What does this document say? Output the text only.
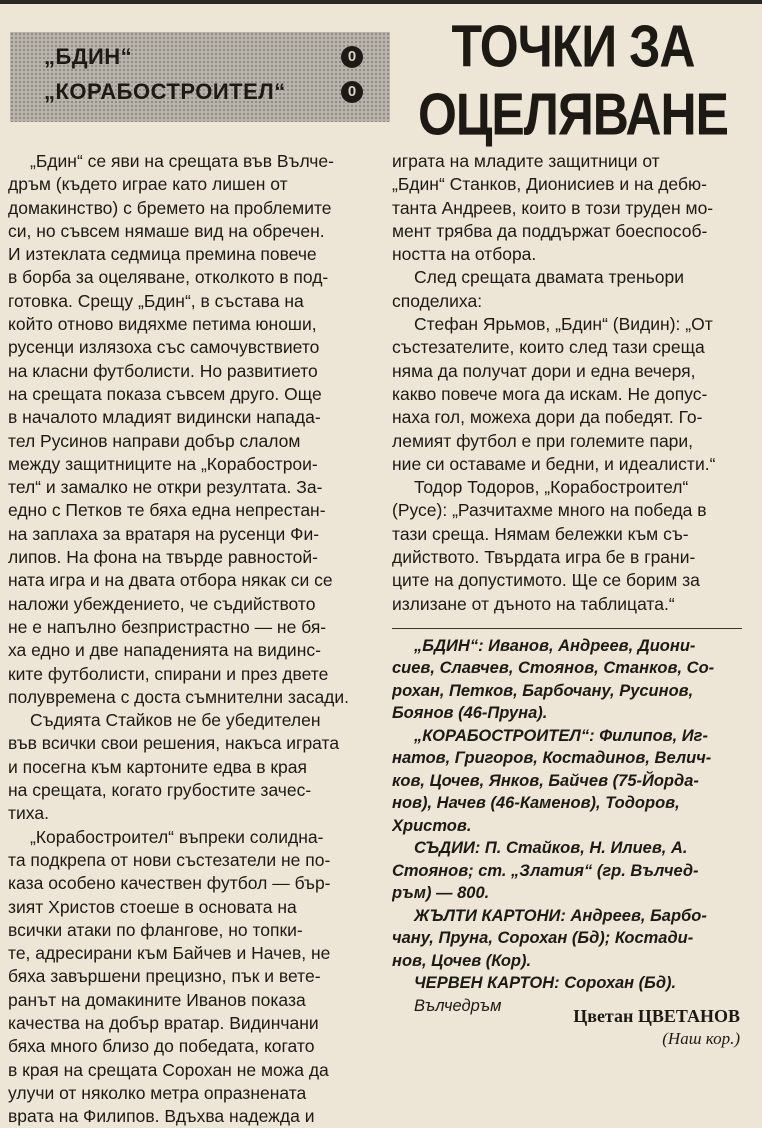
„БДИН“	0
„КОРАБОСТРОИТЕЛ“	0
ТОЧКИ ЗА
ОЦЕЛЯВАНЕ
„Бдин“ се яви на срещата във Вълче-
дръм (където играе като лишен от
домакинство) с бремето на проблемите
си, но съвсем нямаше вид на обречен.
И изтеклата седмица премина повече
в борба за оцеляване, отколкото в под-
готовка. Срещу „Бдин“, в състава на
който отново видяхме петима юноши,
русенци излязоха със самочувствието
на класни футболисти. Но развитието
на срещата показа съвсем друго. Още
в началото младият видински напада-
тел Русинов направи добър слалом
между защитниците на „Корабострои-
тел“ и замалко не откри резултата. За-
едно с Петков те бяха една непрестан-
на заплаха за вратаря на русенци Фи-
липов. На фона на твърде равностой-
ната игра и на двата отбора някак си се
наложи убеждението, че съдийството
не е напълно безпристрастно — не бя-
ха едно и две нападенията на видинс-
ките футболисти, спирани и през двете
полувремена с доста съмнителни засади.
Съдията Стайков не бе убедителен
във всички свои решения, накъса играта
и посегна към картоните едва в края
на срещата, когато грубостите зачес-
тиха.
„Корабостроител“ въпреки солидна-
та подкрепа от нови състезатели не по-
каза особено качествен футбол — бър-
зият Христов стоеше в основата на
всички атаки по флангове, но топки-
те, адресирани към Байчев и Начев, не
бяха завършени прецизно, пък и вете-
ранът на домакините Иванов показа
качества на добър вратар. Видинчани
бяха много близо до победата, когато
в края на срещата Сорохан не можа да
улучи от няколко метра опразнената
врата на Филипов. Вдъхва надежда и
играта на младите защитници от
„Бдин“ Станков, Дионисиев и на дебю-
танта Андреев, които в този труден мо-
мент трябва да поддържат боеспособ-
ността на отбора.
След срещата двамата треньори
споделиха:
Стефан Ярьмов, „Бдин“ (Видин): „От
състезателите, които след тази среща
няма да получат дори и една вечеря,
какво повече мога да искам. Не допус-
наха гол, можеха дори да победят. Го-
лемият футбол е при големите пари,
ние си оставаме и бедни, и идеалисти.“
Тодор Тодоров, „Корабостроител“
(Русе): „Разчитахме много на победа в
тази среща. Нямам бележки към съ-
дийството. Твърдата игра бе в грани-
ците на допустимото. Ще се борим за
излизане от дъното на таблицата.“
„БДИН“: Иванов, Андреев, Диони-
сиев, Славчев, Стоянов, Станков, Со-
рохан, Петков, Барбочану, Русинов,
Боянов (46-Пруна).
„КОРАБОСТРОИТЕЛ“: Филипов, Иг-
натов, Григоров, Костадинов, Велич-
ков, Цочев, Янков, Байчев (75-Йорда-
нов), Начев (46-Каменов), Тодоров,
Христов.
СЪДИИ: П. Стайков, Н. Илиев, А.
Стоянов; ст. „Златия“ (гр. Вълчед-
ръм) — 800.
ЖЪЛТИ КАРТОНИ: Андреев, Барбо-
чану, Пруна, Сорохан (Бд); Костади-
нов, Цочев (Кор).
ЧЕРВЕН КАРТОН: Сорохан (Бд).
Вълчедръм
Цветан ЦВЕТАНОВ
(Наш кор.)
